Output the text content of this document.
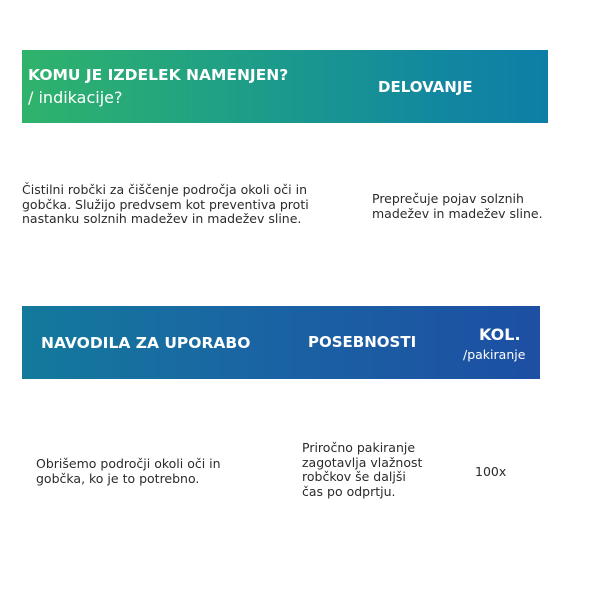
KOMU JE IZDELEK NAMENJEN?
/ indikacije?
DELOVANJE
Čistilni robčki za čiščenje področja okoli oči in gobčka. Služijo predvsem kot preventiva proti nastanku solznih madežev in madežev sline.
Preprečuje pojav solznih madežev in madežev sline.
NAVODILA ZA UPORABO	POSEBNOSTI	KOL.
/pakiranje
Obrišemo področji okoli oči in gobčka, ko je to potrebno.
Priročno pakiranje zagotavlja vlažnost robčkov še daljši čas po odprtju.
100x
